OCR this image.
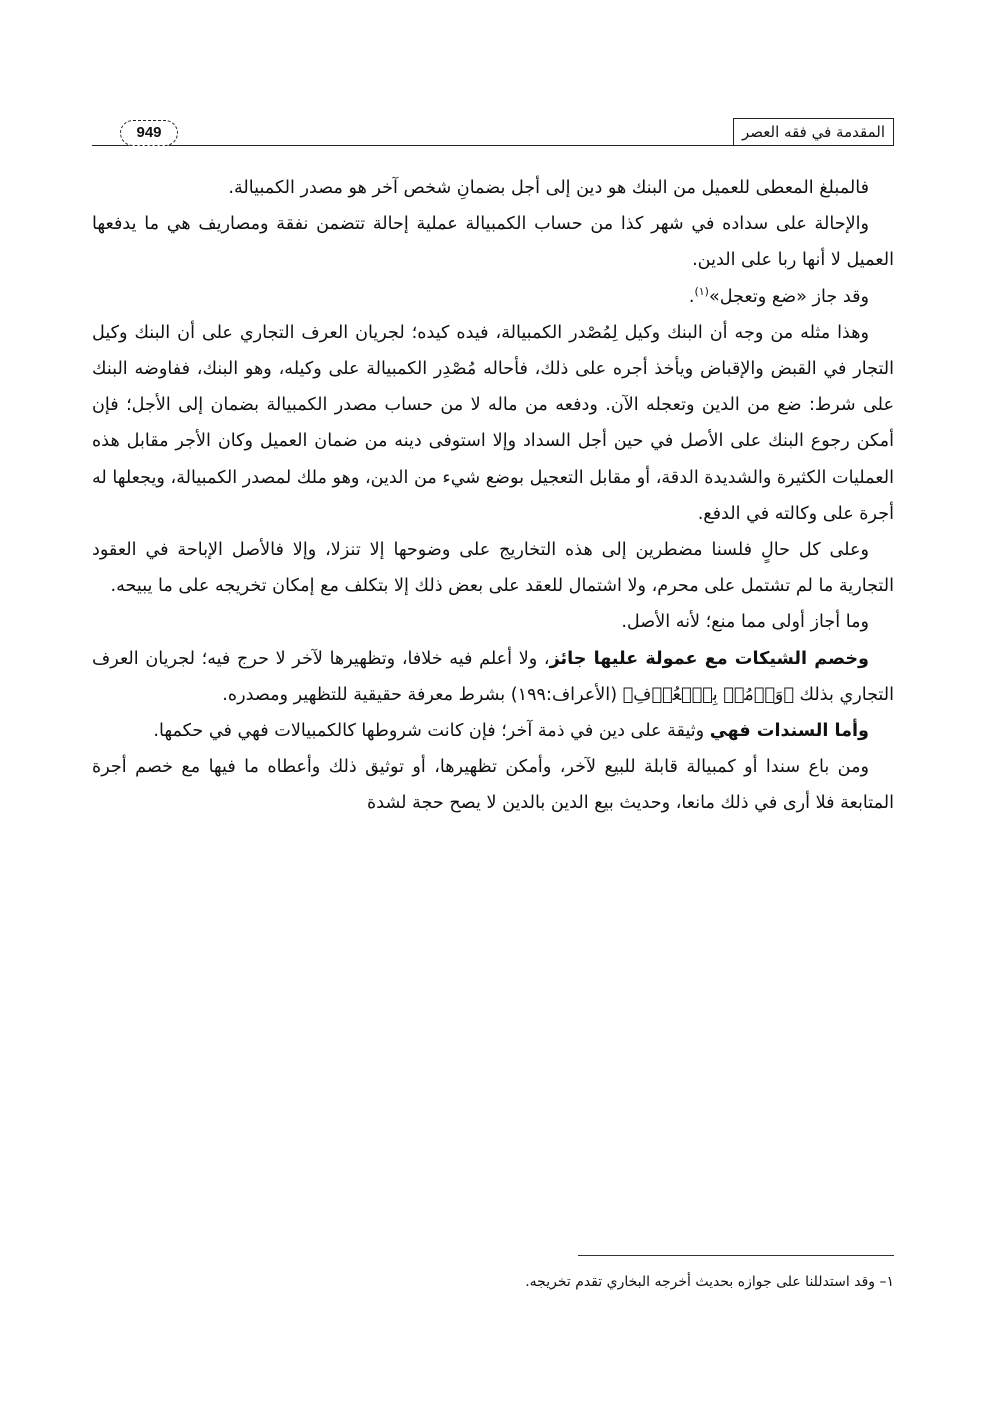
949	المقدمة في فقه العصر

فالمبلغ المعطى للعميل من البنك هو دين إلى أجل بضمانِ شخص آخر هو مصدر الكمبيالة.

والإحالة على سداده في شهر كذا من حساب الكمبيالة عملية إحالة تتضمن نفقة ومصاريف هي ما يدفعها العميل لا أنها ربا على الدين.

وقد جاز «ضع وتعجل»$^{(١)}$.

وهذا مثله من وجه أن البنك وكيل لِمُصْدر الكمبيالة، فيده كيده؛ لجريان العرف التجاري على أن البنك وكيل التجار في القبض والإقباض ويأخذ أجره على ذلك، فأحاله مُصْدِر الكمبيالة على وكيله، وهو البنك، ففاوضه البنك على شرط: ضع من الدين وتعجله الآن. ودفعه من ماله لا من حساب مصدر الكمبيالة بضمان إلى الأجل؛ فإن أمكن رجوع البنك على الأصل في حين أجل السداد وإلا استوفى دينه من ضمان العميل وكان الأجر مقابل هذه العمليات الكثيرة والشديدة الدقة، أو مقابل التعجيل بوضع شيء من الدين، وهو ملك لمصدر الكمبيالة، ويجعلها له أجرة على وكالته في الدفع.

وعلى كل حالٍ فلسنا مضطرين إلى هذه التخاريج على وضوحها إلا تنزلا، وإلا فالأصل الإباحة في العقود التجارية ما لم تشتمل على محرم، ولا اشتمال للعقد على بعض ذلك إلا بتكلف مع إمكان تخريجه على ما يبيحه.

وما أجاز أولى مما منع؛ لأنه الأصل.

وخصم الشيكات مع عمولة عليها جائز، ولا أعلم فيه خلافا، وتظهيرها لآخر لا حرج فيه؛ لجريان العرف التجاري بذلك ﴿وَأۡمُرۡ بِٱلۡعُرۡفِ﴾ (الأعراف:١٩٩) بشرط معرفة حقيقية للتظهير ومصدره.

وأما السندات فهي وثيقة على دين في ذمة آخر؛ فإن كانت شروطها كالكمبيالات فهي في حكمها.

ومن باع سندا أو كمبيالة قابلة للبيع لآخر، وأمكن تظهيرها، أو توثيق ذلك وأعطاه ما فيها مع خصم أجرة المتابعة فلا أرى في ذلك مانعا، وحديث بيع الدين بالدين لا يصح حجة لشدة

١– وقد استدللنا على جوازه بحديث أخرجه البخاري تقدم تخريجه.
